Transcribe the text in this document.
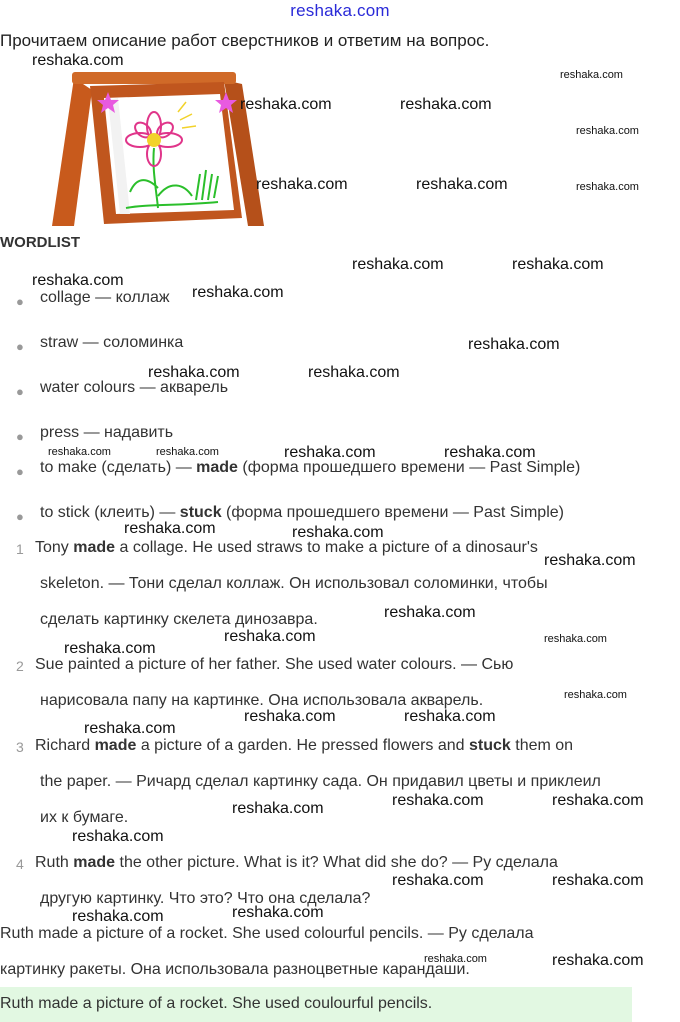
reshaka.com
Прочитаем описание работ сверстников и ответим на вопрос.
WORDLIST
● collage — коллаж
● straw — соломинка
● water colours — акварель
● press — надавить
● to make (сделать) — made (форма прошедшего времени — Past Simple)
● to stick (клеить) — stuck (форма прошедшего времени — Past Simple)
1 Tony made a collage. He used straws to make a picture of a dinosaur's
skeleton. — Тони сделал коллаж. Он использовал соломинки, чтобы
сделать картинку скелета динозавра.
2 Sue painted a picture of her father. She used water colours. — Сью
нарисовала папу на картинке. Она использовала акварель.
3 Richard made a picture of a garden. He pressed flowers and stuck them on
the paper. — Ричард сделал картинку сада. Он придавил цветы и приклеил
их к бумаге.
4 Ruth made the other picture. What is it? What did she do? — Ру сделала
другую картинку. Что это? Что она сделала?
Ruth made a picture of a rocket. She used colourful pencils. — Ру сделала
картинку ракеты. Она использовала разноцветные карандаши.
Ruth made a picture of a rocket. She used coulourful pencils.
reshaka.com
reshaka.com
reshaka.com	reshaka.com
reshaka.com
reshaka.com	reshaka.com	reshaka.com
reshaka.com	reshaka.com
reshaka.com
reshaka.com
reshaka.com
reshaka.com	reshaka.com
reshaka.com	reshaka.com	reshaka.com	reshaka.com
reshaka.com	reshaka.com
reshaka.com
reshaka.com
reshaka.com	reshaka.com
reshaka.com
reshaka.com
reshaka.com	reshaka.com
reshaka.com
reshaka.com	reshaka.com
reshaka.com
reshaka.com
reshaka.com	reshaka.com
reshaka.com
reshaka.com
reshaka.com	reshaka.com
